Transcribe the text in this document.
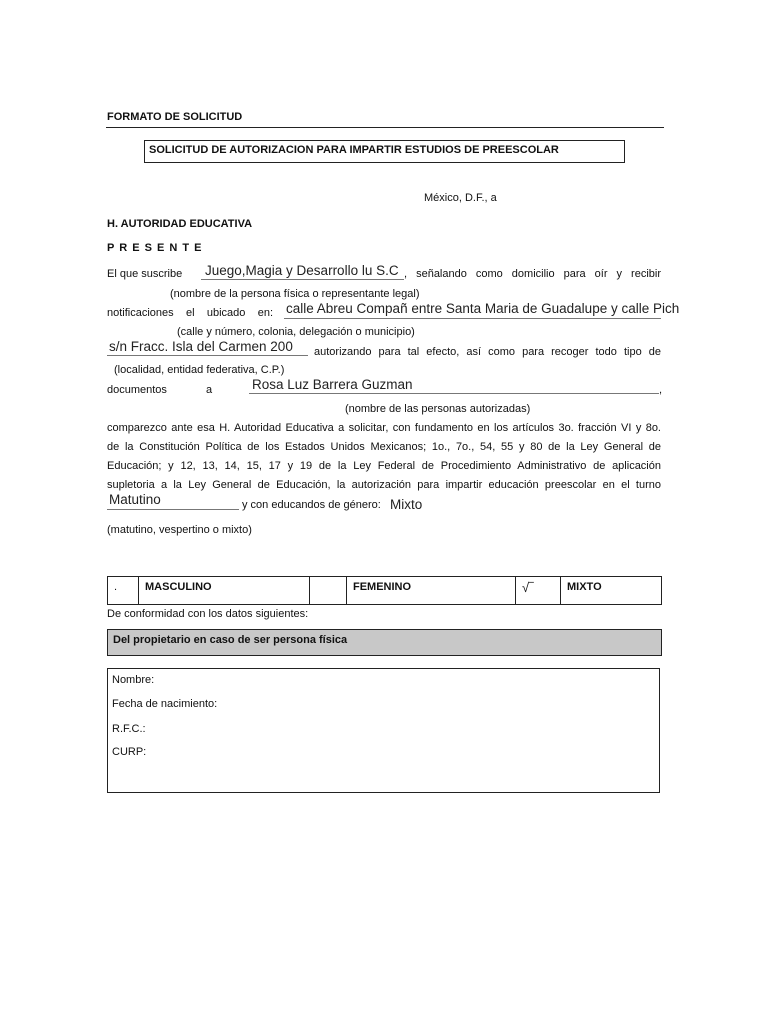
FORMATO DE SOLICITUD
SOLICITUD DE AUTORIZACION PARA IMPARTIR ESTUDIOS DE PREESCOLAR
México, D.F., a
H. AUTORIDAD EDUCATIVA
P R E S E N T E
El que suscribe Juego,Magia y Desarrollo lu S.C , señalando como domicilio para oír y recibir
(nombre de la persona física o representante legal)
notificaciones el ubicado en: calle Abreu Compañ entre Santa Maria de Guadalupe y calle Pich
(calle y número, colonia, delegación o municipio)
s/n Fracc. Isla del Carmen 200 autorizando para tal efecto, así como para recoger todo tipo de
(localidad, entidad federativa, C.P.)
documentos	a	Rosa Luz Barrera Guzman	,
(nombre de las personas autorizadas)
comparezco ante esa H. Autoridad Educativa a solicitar, con fundamento en los artículos 3o. fracción VI y 8o.
de la Constitución Política de los Estados Unidos Mexicanos; 1o., 7o., 54, 55 y 80 de la Ley General de
Educación; y 12, 13, 14, 15, 17 y 19 de la Ley Federal de Procedimiento Administrativo de aplicación
supletoria a la Ley General de Educación, la autorización para impartir educación preescolar en el turno
Matutino	y con educandos de género: Mixto
(matutino, vespertino o mixto)
.	MASCULINO		FEMENINO	√‾	MIXTO
De conformidad con los datos siguientes:
Del propietario en caso de ser persona física
Nombre:
Fecha de nacimiento:
R.F.C.:
CURP:
